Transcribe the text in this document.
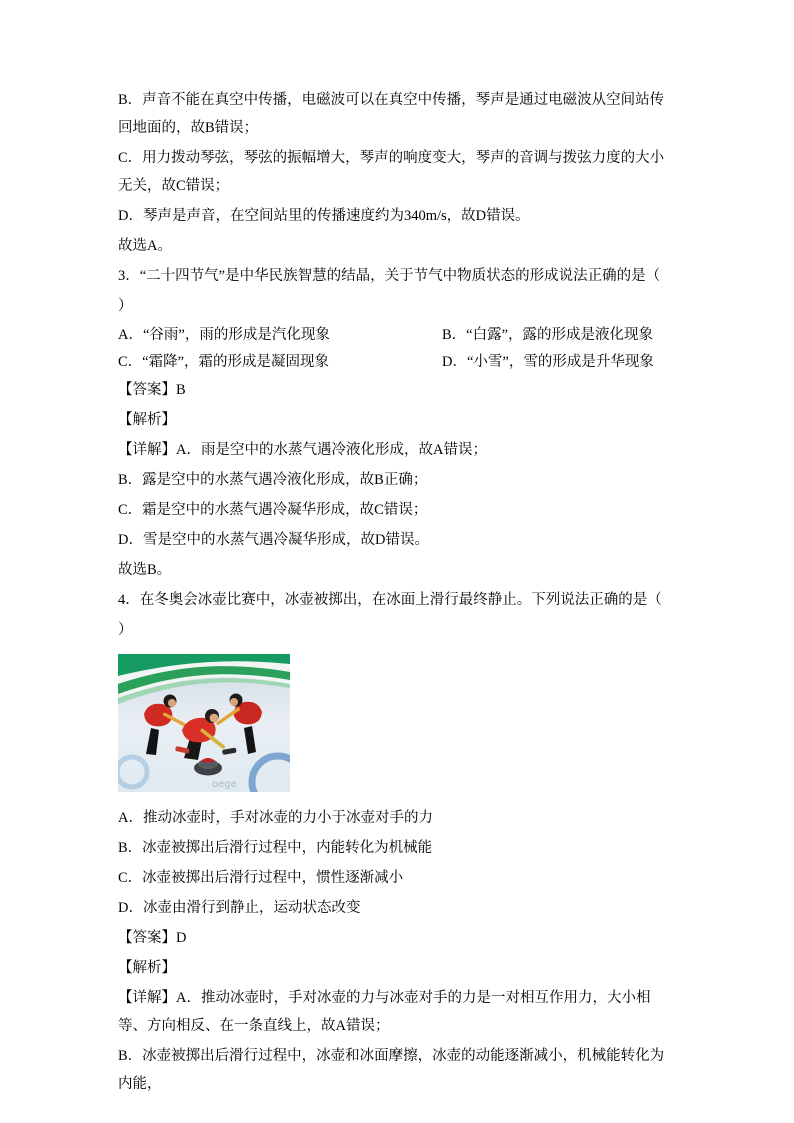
B．声音不能在真空中传播，电磁波可以在真空中传播，琴声是通过电磁波从空间站传回地面的，故B错误；

C．用力拨动琴弦，琴弦的振幅增大，琴声的响度变大，琴声的音调与拨弦力度的大小无关，故C错误；

D．琴声是声音，在空间站里的传播速度约为340m/s，故D错误。

故选A。

3．“二十四节气”是中华民族智慧的结晶，关于节气中物质状态的形成说法正确的是（

）

A．“谷雨”，雨的形成是汽化现象	B．“白露”，露的形成是液化现象
C．“霜降”，霜的形成是凝固现象	D．“小雪”，雪的形成是升华现象

【答案】B

【解析】

【详解】A．雨是空中的水蒸气遇冷液化形成，故A错误；

B．露是空中的水蒸气遇冷液化形成，故B正确；

C．霜是空中的水蒸气遇冷凝华形成，故C错误；

D．雪是空中的水蒸气遇冷凝华形成，故D错误。

故选B。

4．在冬奥会冰壶比赛中，冰壶被掷出，在冰面上滑行最终静止。下列说法正确的是（

）

oege

A．推动冰壶时，手对冰壶的力小于冰壶对手的力

B．冰壶被掷出后滑行过程中，内能转化为机械能

C．冰壶被掷出后滑行过程中，惯性逐渐减小

D．冰壶由滑行到静止，运动状态改变

【答案】D

【解析】

【详解】A．推动冰壶时，手对冰壶的力与冰壶对手的力是一对相互作用力，大小相等、方向相反、在一条直线上，故A错误；

B．冰壶被掷出后滑行过程中，冰壶和冰面摩擦，冰壶的动能逐渐减小，机械能转化为内能，
